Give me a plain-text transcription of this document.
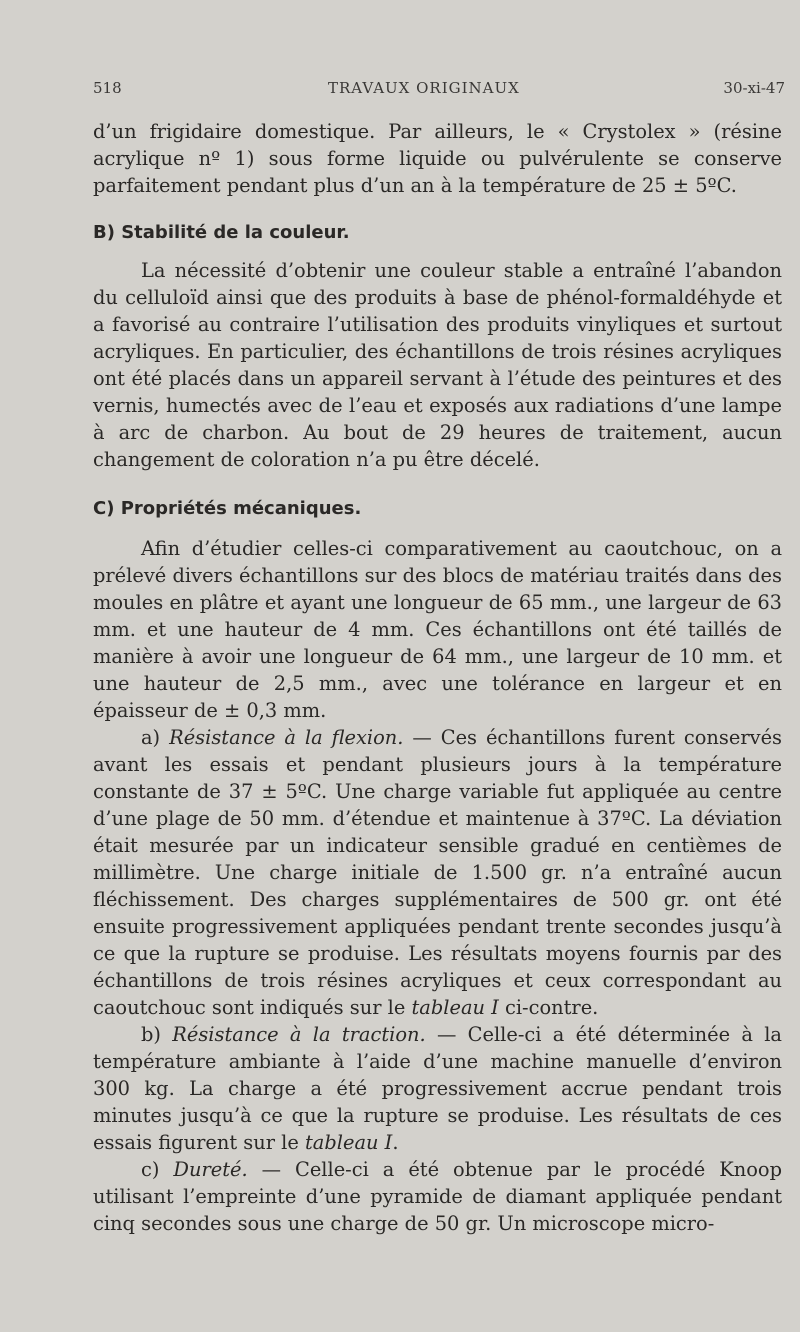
518	TRAVAUX ORIGINAUX	30-xi-47

d’un frigidaire domestique. Par ailleurs, le « Crystolex » (résine acrylique nº 1) sous forme liquide ou pulvérulente se conserve parfaitement pendant plus d’un an à la température de 25 ± 5ºC.

B) Stabilité de la couleur.

La nécessité d’obtenir une couleur stable a entraîné l’abandon du celluloïd ainsi que des produits à base de phénol-formaldéhyde et a favorisé au contraire l’utilisation des produits vinyliques et surtout acryliques. En particulier, des échantillons de trois résines acryliques ont été placés dans un appareil servant à l’étude des peintures et des vernis, humectés avec de l’eau et exposés aux radiations d’une lampe à arc de charbon. Au bout de 29 heures de traitement, aucun changement de coloration n’a pu être décelé.

C) Propriétés mécaniques.

Afin d’étudier celles-ci comparativement au caoutchouc, on a prélevé divers échantillons sur des blocs de matériau traités dans des moules en plâtre et ayant une longueur de 65 mm., une largeur de 63 mm. et une hauteur de 4 mm. Ces échantillons ont été taillés de manière à avoir une longueur de 64 mm., une largeur de 10 mm. et une hauteur de 2,5 mm., avec une tolérance en largeur et en épaisseur de ± 0,3 mm.

a) Résistance à la flexion. — Ces échantillons furent conservés avant les essais et pendant plusieurs jours à la température constante de 37 ± 5ºC. Une charge variable fut appliquée au centre d’une plage de 50 mm. d’étendue et maintenue à 37ºC. La déviation était mesurée par un indicateur sensible gradué en centièmes de millimètre. Une charge initiale de 1.500 gr. n’a entraîné aucun fléchissement. Des charges supplémentaires de 500 gr. ont été ensuite progressivement appliquées pendant trente secondes jusqu’à ce que la rupture se produise. Les résultats moyens fournis par des échantillons de trois résines acryliques et ceux correspondant au caoutchouc sont indiqués sur le tableau I ci-contre.

b) Résistance à la traction. — Celle-ci a été déterminée à la température ambiante à l’aide d’une machine manuelle d’environ 300 kg. La charge a été progressivement accrue pendant trois minutes jusqu’à ce que la rupture se produise. Les résultats de ces essais figurent sur le tableau I.

c) Dureté. — Celle-ci a été obtenue par le procédé Knoop utilisant l’empreinte d’une pyramide de diamant appliquée pendant cinq secondes sous une charge de 50 gr. Un microscope micro-
